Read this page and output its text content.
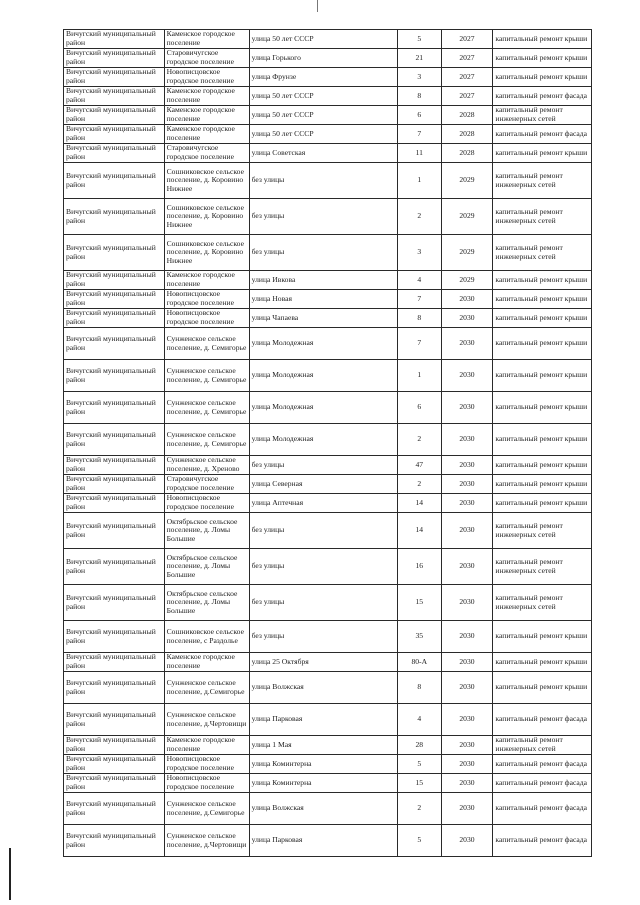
Вичугский муниципальный район	Каменское городское поселение	улица 50 лет СССР	5	2027	капитальный ремонт крыши
Вичугский муниципальный район	Старовичугское городское поселение	улица Горького	21	2027	капитальный ремонт крыши
Вичугский муниципальный район	Новописцовское городское поселение	улица Фрунзе	3	2027	капитальный ремонт крыши
Вичугский муниципальный район	Каменское городское поселение	улица 50 лет СССР	8	2027	капитальный ремонт фасада
Вичугский муниципальный район	Каменское городское поселение	улица 50 лет СССР	6	2028	капитальный ремонт инженерных сетей
Вичугский муниципальный район	Каменское городское поселение	улица 50 лет СССР	7	2028	капитальный ремонт фасада
Вичугский муниципальный район	Старовичугское городское поселение	улица Советская	11	2028	капитальный ремонт крыши
Вичугский муниципальный район	Сошниковское сельское поселение, д. Коровино Нижнее	без улицы	1	2029	капитальный ремонт инженерных сетей
Вичугский муниципальный район	Сошниковское сельское поселение, д. Коровино Нижнее	без улицы	2	2029	капитальный ремонт инженерных сетей
Вичугский муниципальный район	Сошниковское сельское поселение, д. Коровино Нижнее	без улицы	3	2029	капитальный ремонт инженерных сетей
Вичугский муниципальный район	Каменское городское поселение	улица Ивкова	4	2029	капитальный ремонт крыши
Вичугский муниципальный район	Новописцовское городское поселение	улица Новая	7	2030	капитальный ремонт крыши
Вичугский муниципальный район	Новописцовское городское поселение	улица Чапаева	8	2030	капитальный ремонт крыши
Вичугский муниципальный район	Сунженское сельское поселение, д. Семигорье	улица Молодежная	7	2030	капитальный ремонт крыши
Вичугский муниципальный район	Сунженское сельское поселение, д. Семигорье	улица Молодежная	1	2030	капитальный ремонт крыши
Вичугский муниципальный район	Сунженское сельское поселение, д. Семигорье	улица Молодежная	6	2030	капитальный ремонт крыши
Вичугский муниципальный район	Сунженское сельское поселение, д. Семигорье	улица Молодежная	2	2030	капитальный ремонт крыши
Вичугский муниципальный район	Сунженское сельское поселение, д. Хреново	без улицы	47	2030	капитальный ремонт крыши
Вичугский муниципальный район	Старовичугское городское поселение	улица Северная	2	2030	капитальный ремонт крыши
Вичугский муниципальный район	Новописцовское городское поселение	улица Аптечная	14	2030	капитальный ремонт крыши
Вичугский муниципальный район	Октябрьское сельское поселение, д. Ломы Большие	без улицы	14	2030	капитальный ремонт инженерных сетей
Вичугский муниципальный район	Октябрьское сельское поселение, д. Ломы Большие	без улицы	16	2030	капитальный ремонт инженерных сетей
Вичугский муниципальный район	Октябрьское сельское поселение, д. Ломы Большие	без улицы	15	2030	капитальный ремонт инженерных сетей
Вичугский муниципальный район	Сошниковское сельское поселение, с Раздолье	без улицы	35	2030	капитальный ремонт крыши
Вичугский муниципальный район	Каменское городское поселение	улица 25 Октября	80-А	2030	капитальный ремонт крыши
Вичугский муниципальный район	Сунженское сельское поселение, д.Семигорье	улица Волжская	8	2030	капитальный ремонт крыши
Вичугский муниципальный район	Сунженское сельское поселение, д.Чертовищи	улица Парковая	4	2030	капитальный ремонт фасада
Вичугский муниципальный район	Каменское городское поселение	улица 1 Мая	28	2030	капитальный ремонт инженерных сетей
Вичугский муниципальный район	Новописцовское городское поселение	улица Коминтерна	5	2030	капитальный ремонт фасада
Вичугский муниципальный район	Новописцовское городское поселение	улица Коминтерна	15	2030	капитальный ремонт фасада
Вичугский муниципальный район	Сунженское сельское поселение, д.Семигорье	улица Волжская	2	2030	капитальный ремонт фасада
Вичугский муниципальный район	Сунженское сельское поселение, д.Чертовищи	улица Парковая	5	2030	капитальный ремонт фасада
